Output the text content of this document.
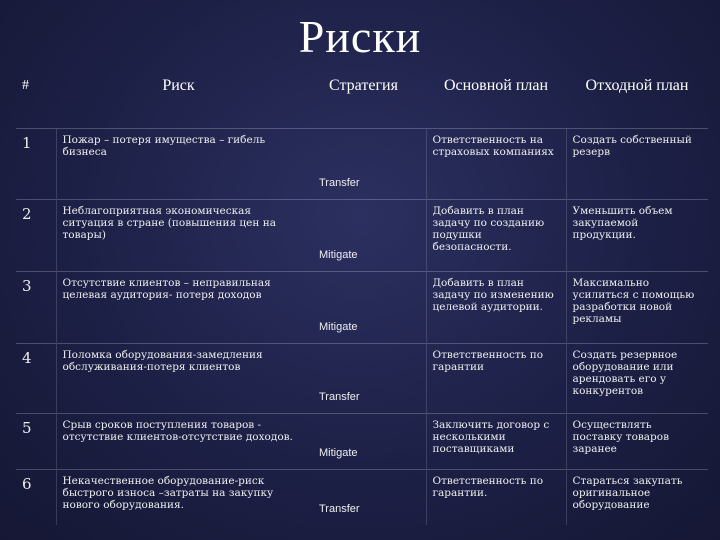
Риски
#	Риск	Стратегия	Основной план	Отходной план
1	Пожар – потеря имущества – гибель бизнеса	Transfer	Ответственность на страховых компаниях	Создать собственный резерв
2	Неблагоприятная экономическая ситуация в стране (повышения цен на товары)	Mitigate	Добавить в план задачу по созданию подушки безопасности.	Уменьшить объем закупаемой продукции.
3	Отсутствие клиентов – неправильная целевая аудитория- потеря доходов	Mitigate	Добавить в план задачу по изменению целевой аудитории.	Максимально усилиться с помощью разработки новой рекламы
4	Поломка оборудования-замедления обслуживания-потеря клиентов	Transfer	Ответственность по гарантии	Создать резервное оборудование или арендовать его у конкурентов
5	Срыв сроков поступления товаров - отсутствие клиентов-отсутствие доходов.	Mitigate	Заключить договор с несколькими поставщиками	Осуществлять поставку товаров заранее
6	Некачественное оборудование-риск быстрого износа –затраты на закупку нового оборудования.	Transfer	Ответственность по гарантии.	Стараться закупать оригинальное оборудование
